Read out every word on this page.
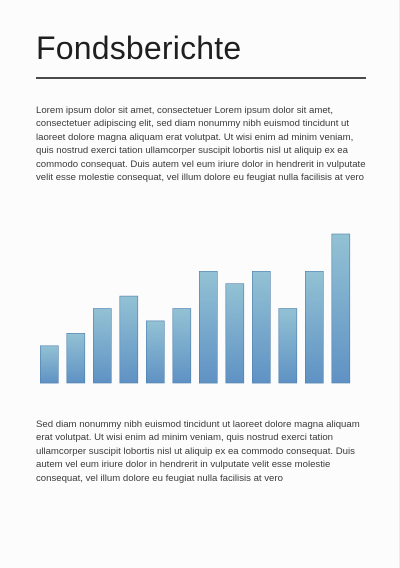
Fondsberichte

Lorem ipsum dolor sit amet, consectetuer Lorem ipsum dolor sit amet, consectetuer adipiscing elit, sed diam nonummy nibh euismod tincidunt ut laoreet dolore magna aliquam erat volutpat. Ut wisi enim ad minim veniam, quis nostrud exerci tation ullamcorper suscipit lobortis nisl ut aliquip ex ea commodo consequat. Duis autem vel eum iriure dolor in hendrerit in vulputate velit esse molestie consequat, vel illum dolore eu feugiat nulla facilisis at vero

Sed diam nonummy nibh euismod tincidunt ut laoreet dolore magna aliquam erat volutpat. Ut wisi enim ad minim veniam, quis nostrud exerci tation ullamcorper suscipit lobortis nisl ut aliquip ex ea commodo consequat. Duis autem vel eum iriure dolor in hendrerit in vulputate velit esse molestie consequat, vel illum dolore eu feugiat nulla facilisis at vero
